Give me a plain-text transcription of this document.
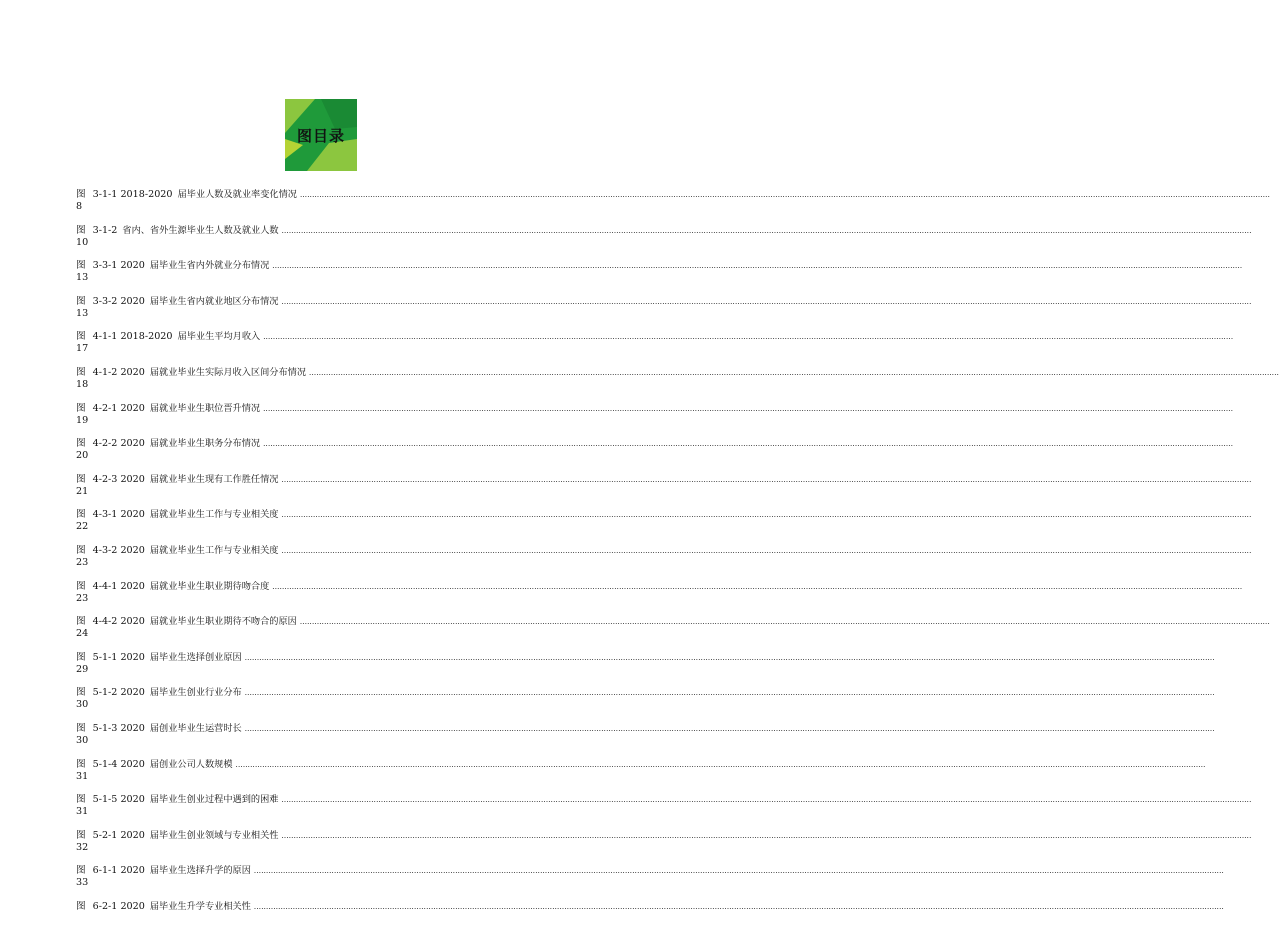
图目录
图 3-1-1 2018-2020 届毕业人数及就业率变化情况 ................................................................................................................................................................................................................................................................................................................................................................................................................
8
图 3-1-2 省内、省外生源毕业生人数及就业人数 ................................................................................................................................................................................................................................................................................................................................................................................................................
10
图 3-3-1 2020 届毕业生省内外就业分布情况 ................................................................................................................................................................................................................................................................................................................................................................................................................
13
图 3-3-2 2020 届毕业生省内就业地区分布情况 ................................................................................................................................................................................................................................................................................................................................................................................................................
13
图 4-1-1 2018-2020 届毕业生平均月收入 ................................................................................................................................................................................................................................................................................................................................................................................................................
17
图 4-1-2 2020 届就业毕业生实际月收入区间分布情况 ................................................................................................................................................................................................................................................................................................................................................................................................................
18
图 4-2-1 2020 届就业毕业生职位晋升情况 ................................................................................................................................................................................................................................................................................................................................................................................................................
19
图 4-2-2 2020 届就业毕业生职务分布情况 ................................................................................................................................................................................................................................................................................................................................................................................................................
20
图 4-2-3 2020 届就业毕业生现有工作胜任情况 ................................................................................................................................................................................................................................................................................................................................................................................................................
21
图 4-3-1 2020 届就业毕业生工作与专业相关度 ................................................................................................................................................................................................................................................................................................................................................................................................................
22
图 4-3-2 2020 届就业毕业生工作与专业相关度 ................................................................................................................................................................................................................................................................................................................................................................................................................
23
图 4-4-1 2020 届就业毕业生职业期待吻合度 ................................................................................................................................................................................................................................................................................................................................................................................................................
23
图 4-4-2 2020 届就业毕业生职业期待不吻合的原因 ................................................................................................................................................................................................................................................................................................................................................................................................................
24
图 5-1-1 2020 届毕业生选择创业原因 ................................................................................................................................................................................................................................................................................................................................................................................................................
29
图 5-1-2 2020 届毕业生创业行业分布 ................................................................................................................................................................................................................................................................................................................................................................................................................
30
图 5-1-3 2020 届创业毕业生运营时长 ................................................................................................................................................................................................................................................................................................................................................................................................................
30
图 5-1-4 2020 届创业公司人数规模 ................................................................................................................................................................................................................................................................................................................................................................................................................
31
图 5-1-5 2020 届毕业生创业过程中遇到的困难 ................................................................................................................................................................................................................................................................................................................................................................................................................
31
图 5-2-1 2020 届毕业生创业领域与专业相关性 ................................................................................................................................................................................................................................................................................................................................................................................................................
32
图 6-1-1 2020 届毕业生选择升学的原因 ................................................................................................................................................................................................................................................................................................................................................................................................................
33
图 6-2-1 2020 届毕业生升学专业相关性 ................................................................................................................................................................................................................................................................................................................................................................................................................
